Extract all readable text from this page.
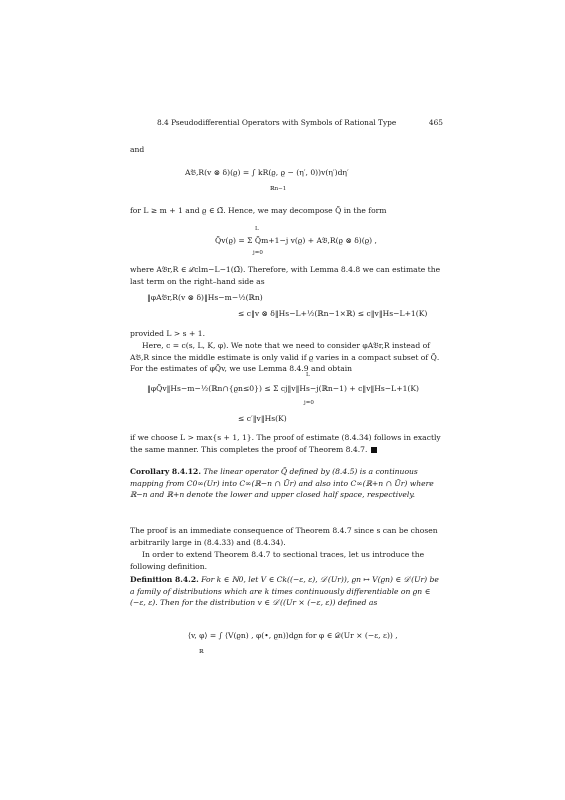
8.4 Pseudodifferential Operators with Symbols of Rational Type	465
and
A𝔅,R(v ⊗ δ)(ϱ) = ∫ kR(ϱ, ϱ − (η′, 0))v(η′)dη′
ℝn−1
for L ≥ m + 1 and ϱ ∈ Ω̃. Hence, we may decompose Q̃ in the form
L
Q̃v(ϱ) = Σ Q̃m+1−j v(ϱ) + A𝔅,R(ϱ ⊗ δ)(ϱ) ,
j=0
where A𝔅r,R ∈ ℒclm−L−1(Ω̃). Therefore, with Lemma 8.4.8 we can estimate the last term on the right–hand side as
‖φA𝔅r,R(v ⊗ δ)‖Hs−m−½(ℝn)
≤ c‖v ⊗ δ‖Hs−L+½(ℝn−1×ℝ) ≤ c‖v‖Hs−L+1(K)
provided L > s + 1.
Here, c = c(s, L, K, φ). We note that we need to consider φA𝔅r,R instead of A𝔅,R since the middle estimate is only valid if ϱ varies in a compact subset of Q̃. For the estimates of φQ̃v, we use Lemma 8.4.9 and obtain
L
‖φQ̃v‖Hs−m−½(ℝn∩{ϱn≤0}) ≤ Σ cj‖v‖Hs−j(ℝn−1) + c‖v‖Hs−L+1(K)
j=0
≤ c′‖v‖Hs(K)
if we choose L > max{s + 1, 1}. The proof of estimate (8.4.34) follows in exactly the same manner. This completes the proof of Theorem 8.4.7.
Corollary 8.4.12. The linear operator Q̃ defined by (8.4.5) is a continuous mapping from C0∞(Ur) into C∞(ℝ−n ∩ Ūr) and also into C∞(ℝ+n ∩ Ūr) where ℝ−n and ℝ+n denote the lower and upper closed half space, respectively.
The proof is an immediate consequence of Theorem 8.4.7 since s can be chosen arbitrarily large in (8.4.33) and (8.4.34).
In order to extend Theorem 8.4.7 to sectional traces, let us introduce the following definition.
Definition 8.4.2. For k ∈ ℕ0, let V ∈ Ck((−ε, ε), 𝒟′(Ur)), ϱn ↦ V(ϱn) ∈ 𝒟′(Ur) be a family of distributions which are k times continuously differentiable on ϱn ∈ (−ε, ε). Then for the distribution v ∈ 𝒟′((Ur × (−ε, ε)) defined as
⟨v, φ⟩ = ∫ ⟨V(ϱn) , φ(•, ϱn)⟩dϱn for φ ∈ 𝒟(Ur × (−ε, ε)) ,
ℝ
